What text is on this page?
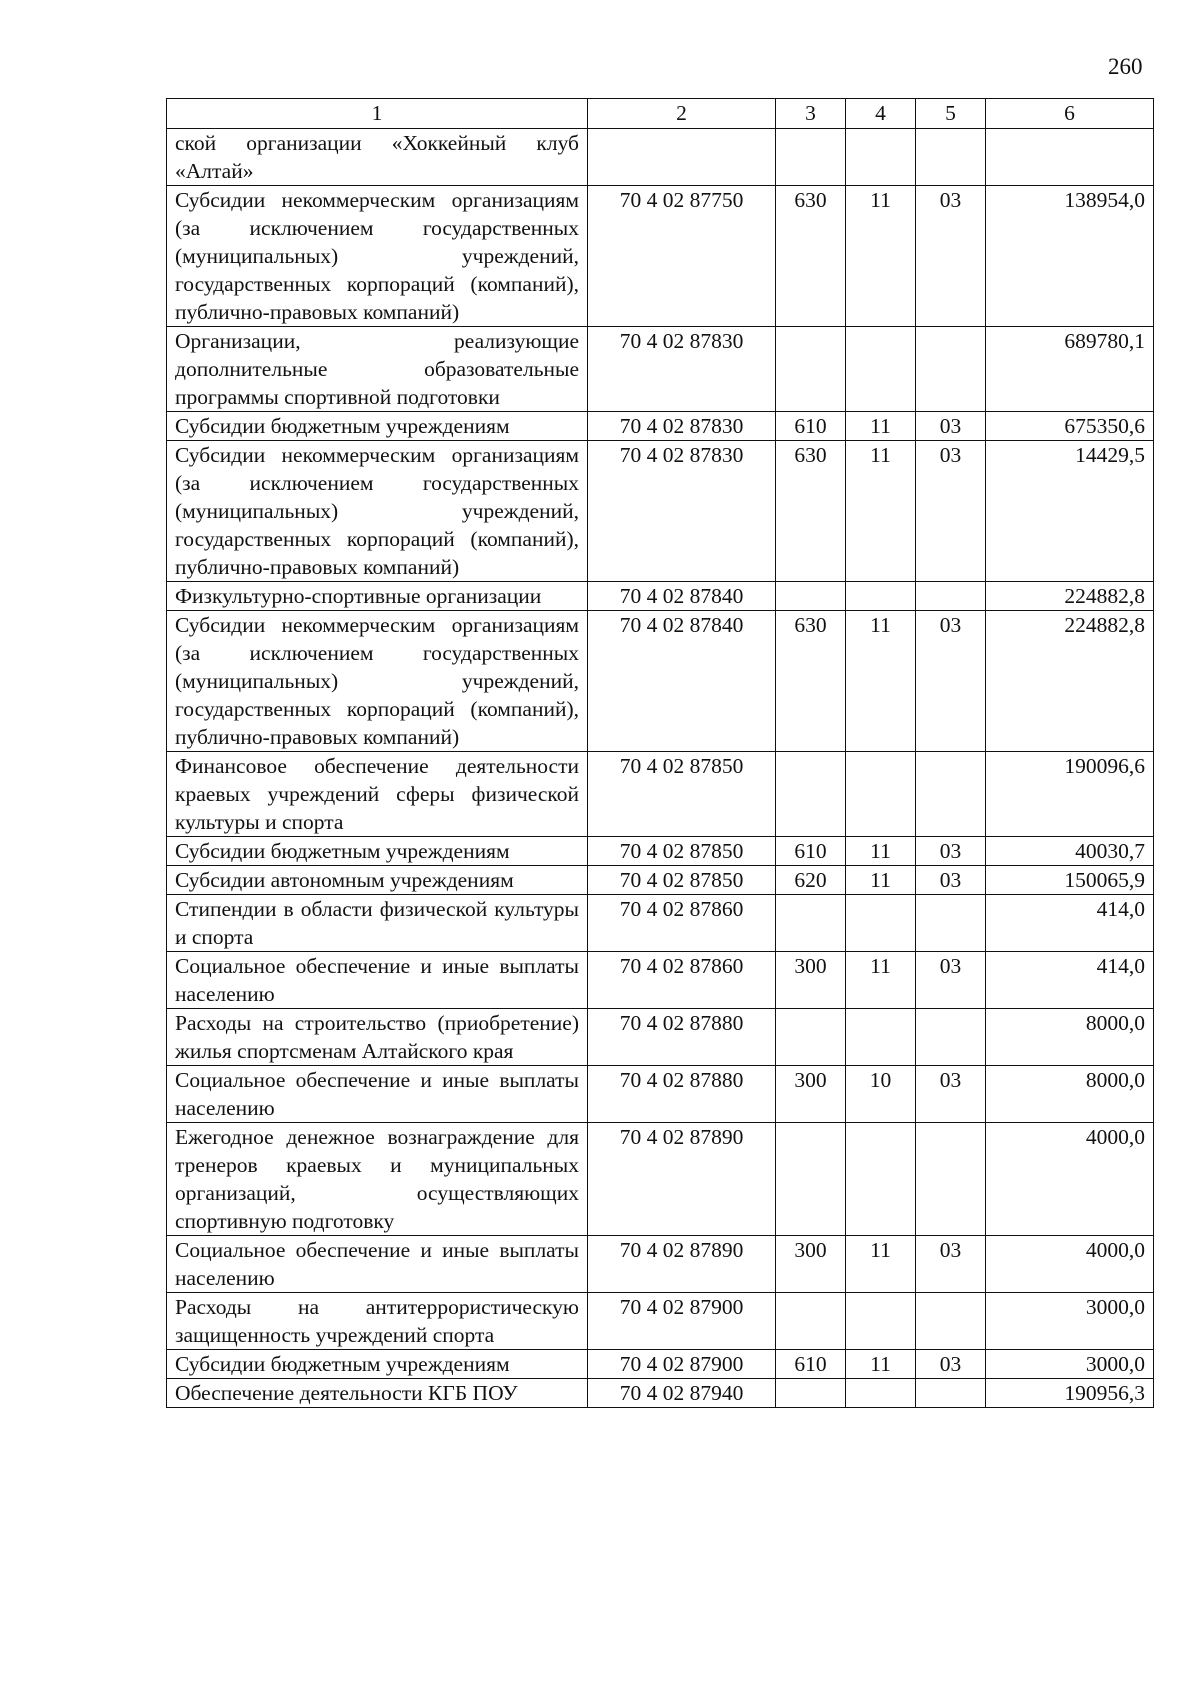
260
1	2	3	4	5	6
ской организации «Хоккейный клуб «Алтай»					
Субсидии некоммерческим организациям (за исключением государственных (муниципальных) учреждений, государственных корпораций (компаний), публично-правовых компаний)	70 4 02 87750	630	11	03	138954,0
Организации, реализующие дополнительные образовательные программы спортивной подготовки	70 4 02 87830				689780,1
Субсидии бюджетным учреждениям	70 4 02 87830	610	11	03	675350,6
Субсидии некоммерческим организациям (за исключением государственных (муниципальных) учреждений, государственных корпораций (компаний), публично-правовых компаний)	70 4 02 87830	630	11	03	14429,5
Физкультурно-спортивные организации	70 4 02 87840				224882,8
Субсидии некоммерческим организациям (за исключением государственных (муниципальных) учреждений, государственных корпораций (компаний), публично-правовых компаний)	70 4 02 87840	630	11	03	224882,8
Финансовое обеспечение деятельности краевых учреждений сферы физической культуры и спорта	70 4 02 87850				190096,6
Субсидии бюджетным учреждениям	70 4 02 87850	610	11	03	40030,7
Субсидии автономным учреждениям	70 4 02 87850	620	11	03	150065,9
Стипендии в области физической культуры и спорта	70 4 02 87860				414,0
Социальное обеспечение и иные выплаты населению	70 4 02 87860	300	11	03	414,0
Расходы на строительство (приобретение) жилья спортсменам Алтайского края	70 4 02 87880				8000,0
Социальное обеспечение и иные выплаты населению	70 4 02 87880	300	10	03	8000,0
Ежегодное денежное вознаграждение для тренеров краевых и муниципальных организаций, осуществляющих спортивную подготовку	70 4 02 87890				4000,0
Социальное обеспечение и иные выплаты населению	70 4 02 87890	300	11	03	4000,0
Расходы на антитеррористическую защищенность учреждений спорта	70 4 02 87900				3000,0
Субсидии бюджетным учреждениям	70 4 02 87900	610	11	03	3000,0
Обеспечение деятельности КГБ ПОУ	70 4 02 87940				190956,3
